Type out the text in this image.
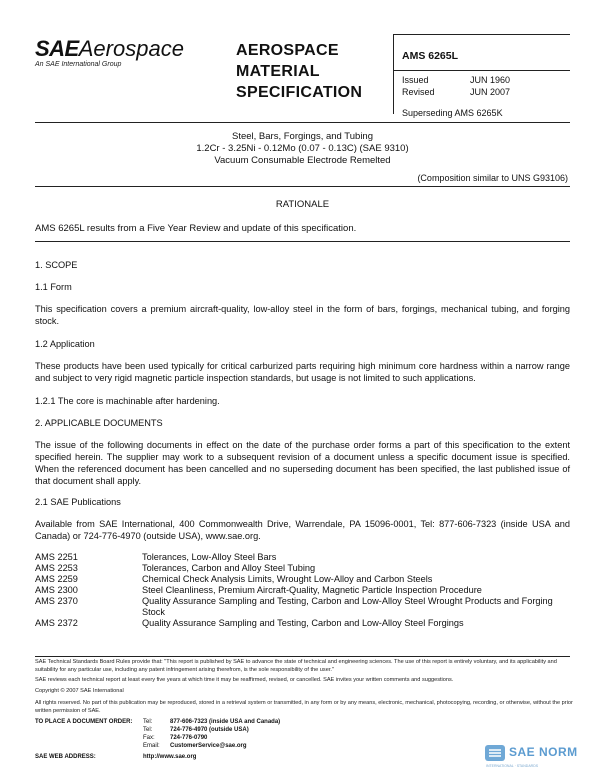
SAEAerospace
An SAE International Group
AEROSPACE
MATERIAL
SPECIFICATION
AMS 6265L
Issued	JUN 1960
Revised	JUN 2007
Superseding AMS 6265K
Steel, Bars, Forgings, and Tubing
1.2Cr - 3.25Ni - 0.12Mo (0.07 - 0.13C) (SAE 9310)
Vacuum Consumable Electrode Remelted
(Composition similar to UNS G93106)
RATIONALE
AMS 6265L results from a Five Year Review and update of this specification.
1. SCOPE
1.1 Form
This specification covers a premium aircraft-quality, low-alloy steel in the form of bars, forgings, mechanical tubing, and forging stock.
1.2 Application
These products have been used typically for critical carburized parts requiring high minimum core hardness within a narrow range and subject to very rigid magnetic particle inspection standards, but usage is not limited to such applications.
1.2.1 The core is machinable after hardening.
2. APPLICABLE DOCUMENTS
The issue of the following documents in effect on the date of the purchase order forms a part of this specification to the extent specified herein. The supplier may work to a subsequent revision of a document unless a specific document issue is specified. When the referenced document has been cancelled and no superseding document has been specified, the last published issue of that document shall apply.
2.1 SAE Publications
Available from SAE International, 400 Commonwealth Drive, Warrendale, PA 15096-0001, Tel: 877-606-7323 (inside USA and Canada) or 724-776-4970 (outside USA), www.sae.org.
AMS 2251	Tolerances, Low-Alloy Steel Bars
AMS 2253	Tolerances, Carbon and Alloy Steel Tubing
AMS 2259	Chemical Check Analysis Limits, Wrought Low-Alloy and Carbon Steels
AMS 2300	Steel Cleanliness, Premium Aircraft-Quality, Magnetic Particle Inspection Procedure
AMS 2370	Quality Assurance Sampling and Testing, Carbon and Low-Alloy Steel Wrought Products and Forging Stock
AMS 2372	Quality Assurance Sampling and Testing, Carbon and Low-Alloy Steel Forgings
SAE Technical Standards Board Rules provide that: "This report is published by SAE to advance the state of technical and engineering sciences. The use of this report is entirely voluntary, and its applicability and suitability for any particular use, including any patent infringement arising therefrom, is the sole responsibility of the user."
SAE reviews each technical report at least every five years at which time it may be reaffirmed, revised, or cancelled. SAE invites your written comments and suggestions.
Copyright © 2007 SAE International
All rights reserved. No part of this publication may be reproduced, stored in a retrieval system or transmitted, in any form or by any means, electronic, mechanical, photocopying, recording, or otherwise, without the prior written permission of SAE.
TO PLACE A DOCUMENT ORDER: Tel:	877-606-7323 (inside USA and Canada)
Tel:	724-776-4970 (outside USA)
Fax:	724-776-0790
Email: CustomerService@sae.org
SAE WEB ADDRESS:	http://www.sae.org	SAE NORM
INTERNATIONAL · STANDARDS
